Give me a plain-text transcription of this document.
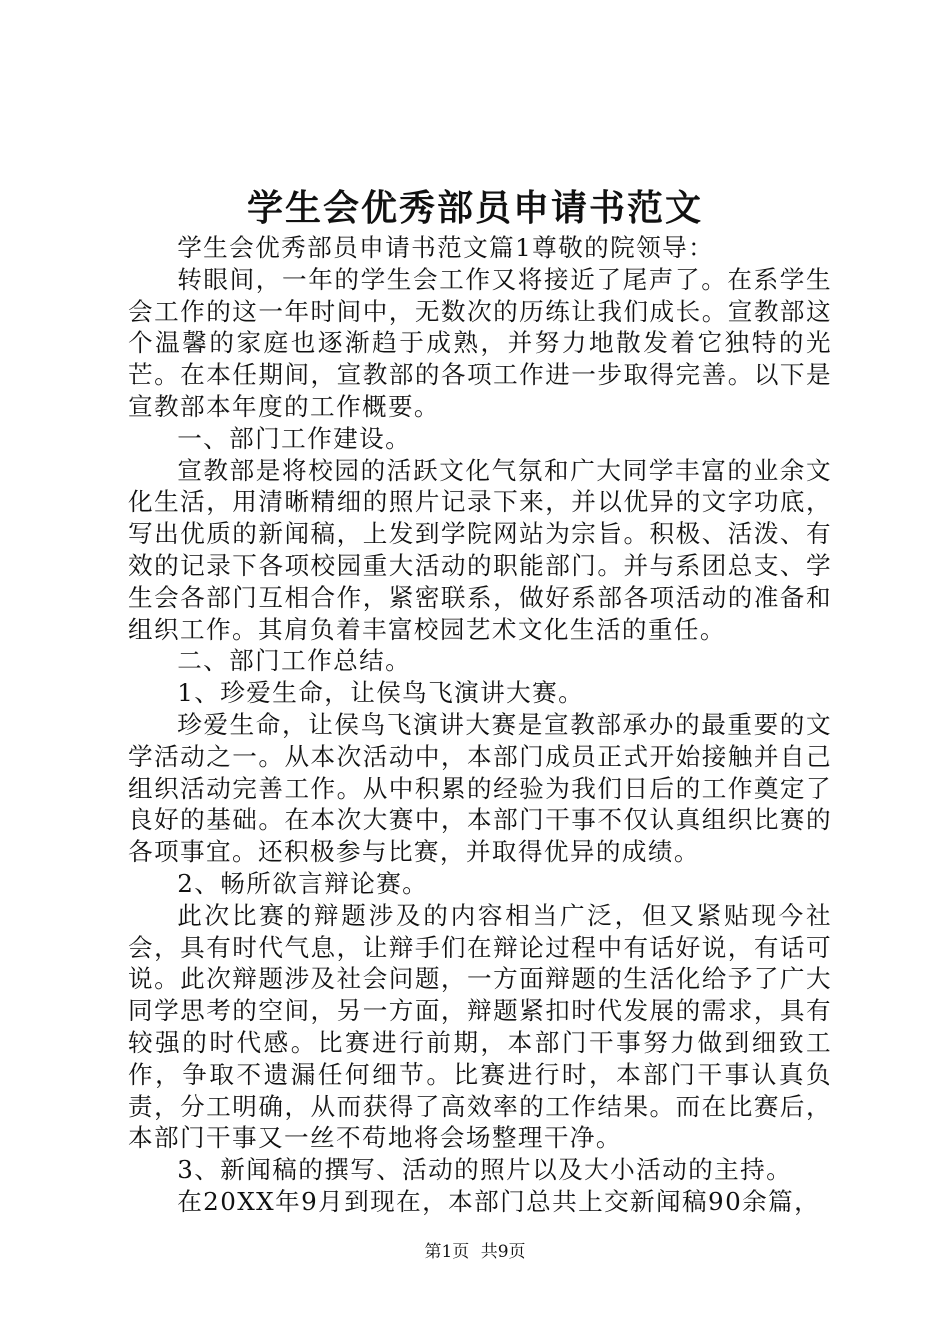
学生会优秀部员申请书范文

学生会优秀部员申请书范文篇1尊敬的院领导：

转眼间，一年的学生会工作又将接近了尾声了。在系学生会工作的这一年时间中，无数次的历练让我们成长。宣教部这个温馨的家庭也逐渐趋于成熟，并努力地散发着它独特的光芒。在本任期间，宣教部的各项工作进一步取得完善。以下是宣教部本年度的工作概要。

一、部门工作建设。

宣教部是将校园的活跃文化气氛和广大同学丰富的业余文化生活，用清晰精细的照片记录下来，并以优异的文字功底，写出优质的新闻稿，上发到学院网站为宗旨。积极、活泼、有效的记录下各项校园重大活动的职能部门。并与系团总支、学生会各部门互相合作，紧密联系，做好系部各项活动的准备和组织工作。其肩负着丰富校园艺术文化生活的重任。

二、部门工作总结。

1、珍爱生命，让侯鸟飞演讲大赛。

珍爱生命，让侯鸟飞演讲大赛是宣教部承办的最重要的文学活动之一。从本次活动中，本部门成员正式开始接触并自己组织活动完善工作。从中积累的经验为我们日后的工作奠定了良好的基础。在本次大赛中，本部门干事不仅认真组织比赛的各项事宜。还积极参与比赛，并取得优异的成绩。

2、畅所欲言辩论赛。

此次比赛的辩题涉及的内容相当广泛，但又紧贴现今社会，具有时代气息，让辩手们在辩论过程中有话好说，有话可说。此次辩题涉及社会问题，一方面辩题的生活化给予了广大同学思考的空间，另一方面，辩题紧扣时代发展的需求，具有较强的时代感。比赛进行前期，本部门干事努力做到细致工作，争取不遗漏任何细节。比赛进行时，本部门干事认真负责，分工明确，从而获得了高效率的工作结果。而在比赛后，本部门干事又一丝不苟地将会场整理干净。

3、新闻稿的撰写、活动的照片以及大小活动的主持。

在20XX年9月到现在，本部门总共上交新闻稿90余篇，

第1页 共9页
